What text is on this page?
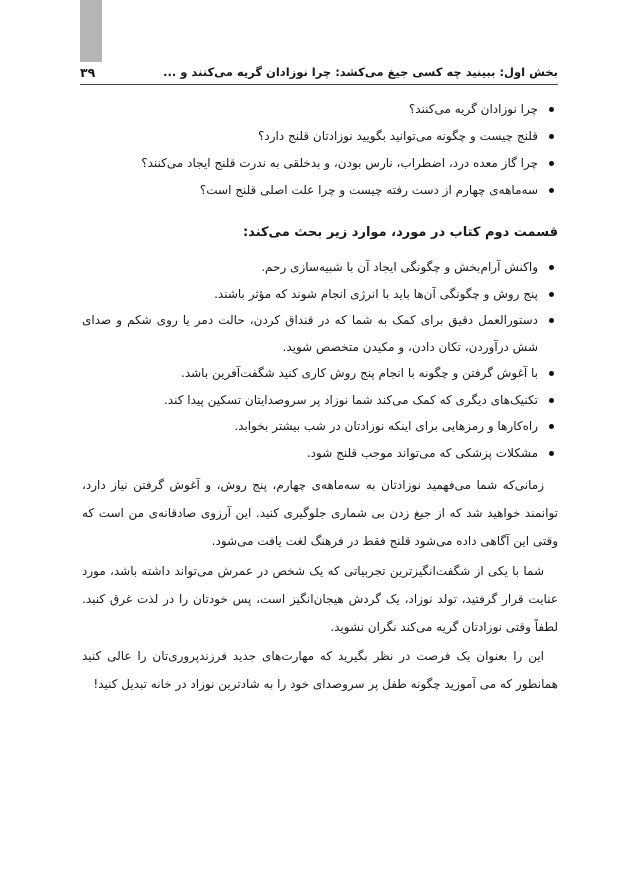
بخش اول: ببینید چه کسی جیغ می‌کشد: چرا نوزادان گریه می‌کنند و ...
۳۹
چرا نوزادان گریه می‌کنند؟
قلنج چیست و چگونه می‌توانید بگویید نوزادتان قلنج دارد؟
چرا گاز معده درد، اضطراب، نارس بودن، و بدخلقی به ندرت قلنج ایجاد می‌کنند؟
سه‌ماهه‌ی چهارم از دست رفته چیست و چرا علت اصلی قلنج است؟
قسمت دوم کتاب در مورد، موارد زیر بحث می‌کند:
واکنش آرام‌بخش و چگونگی ایجاد آن با شبیه‌سازی رحم.
پنج روش و چگونگی آن‌ها باید با انرژی انجام شوند که مؤثر باشند.
دستورالعمل دقیق برای کمک به شما که در قنداق کردن، حالت دمر یا روی شکم و صدای شش درآوردن، تکان دادن، و مکیدن متخصص شوید.
با آغوش گرفتن و چگونه با انجام پنج روش کاری کنید شگفت‌آفرین باشد.
تکنیک‌های دیگری که کمک می‌کند شما نوزاد پر سروصدایتان تسکین پیدا کند.
راه‌کارها و رمزهایی برای اینکه نوزادتان در شب بیشتر بخوابد.
مشکلات پزشکی که می‌تواند موجب قلنج شود.

زمانی‌که شما می‌فهمید نوزادتان به سه‌ماهه‌ی چهارم، پنج روش، و آغوش گرفتن نیاز دارد، توانمند خواهید شد که از جیغ زدن بی شماری جلوگیری کنید. این آرزوی صادقانه‌ی من است که وقتی این آگاهی داده می‌شود قلنج فقط در فرهنگ لغت یافت می‌شود.

شما با یکی از شگفت‌انگیزترین تجربیاتی که یک شخص در عمرش می‌تواند داشته باشد، مورد عنایت قرار گرفتید، تولد نوزاد، یک گردش هیجان‌انگیز است، پس خودتان را در لذت غرق کنید. لطفاً وقتی نوزادتان گریه می‌کند نگران نشوید.

این را بعنوان یک فرصت در نظر بگیرید که مهارت‌های جدید فرزندپروری‌تان را عالی کنید همانطور که می آموزید چگونه طفل پر سروصدای خود را به شادترین نوزاد در خانه تبدیل کنید!
